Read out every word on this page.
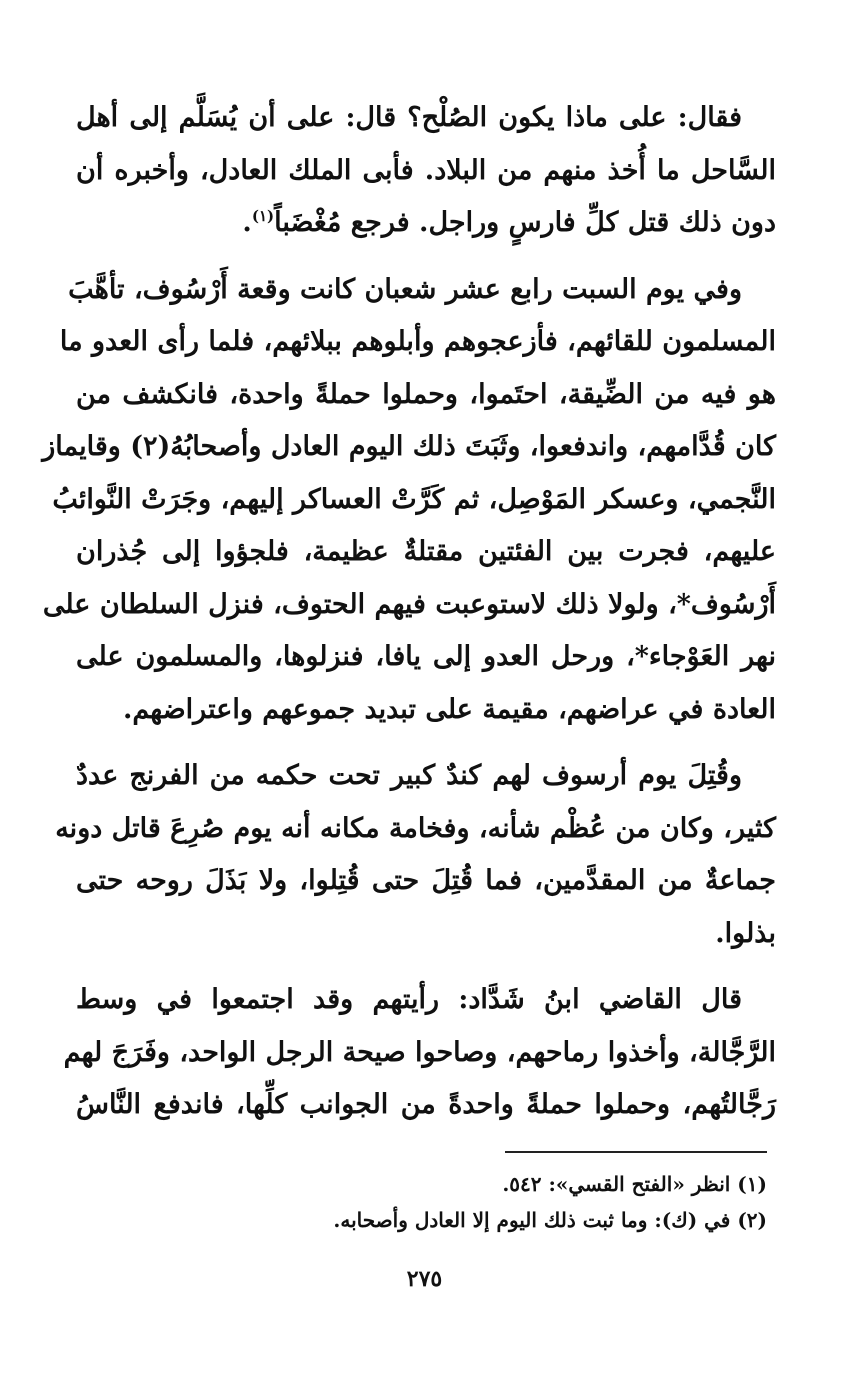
فقال: على ماذا يكون الصُلْح؟ قال: على أن يُسَلَّم إلى أهل
السَّاحل ما أُخذ منهم من البلاد. فأبى الملك العادل، وأخبره أن
دون ذلك قتل كلِّ فارسٍ وراجل. فرجع مُغْضَباً$^{(١)}$.

وفي يوم السبت رابع عشر شعبان كانت وقعة أَرْسُوف، تأهَّبَ
المسلمون للقائهم، فأزعجوهم وأبلوهم ببلائهم، فلما رأى العدو ما
هو فيه من الضِّيقة، احتَموا، وحملوا حملةً واحدة، فانكشف من
كان قُدَّامهم، واندفعوا، وثَبَتَ ذلك اليوم العادل وأصحابُهُ(٢) وقايماز
النَّجمي، وعسكر المَوْصِل، ثم كَرَّتْ العساكر إليهم، وجَرَتْ النَّوائبُ
عليهم، فجرت بين الفئتين مقتلةٌ عظيمة، فلجؤوا إلى جُذران
أَرْسُوف*، ولولا ذلك لاستوعبت فيهم الحتوف، فنزل السلطان على
نهر العَوْجاء*، ورحل العدو إلى يافا، فنزلوها، والمسلمون على
العادة في عراضهم، مقيمة على تبديد جموعهم واعتراضهم.

وقُتِلَ يوم أرسوف لهم كندٌ كبير تحت حكمه من الفرنج عددٌ
كثير، وكان من عُظْم شأنه، وفخامة مكانه أنه يوم صُرِعَ قاتل دونه
جماعةٌ من المقدَّمين، فما قُتِلَ حتى قُتِلوا، ولا بَذَلَ روحه حتى
بذلوا.

قال القاضي ابنُ شَدَّاد: رأيتهم وقد اجتمعوا في وسط
الرَّجَّالة، وأخذوا رماحهم، وصاحوا صيحة الرجل الواحد، وفَرَجَ لهم
رَجَّالتُهم، وحملوا حملةً واحدةً من الجوانب كلِّها، فاندفع النَّاسُ

(١) انظر «الفتح القسي»: ٥٤٢.
(٢) في (ك): وما ثبت ذلك اليوم إلا العادل وأصحابه.
٢٧٥
